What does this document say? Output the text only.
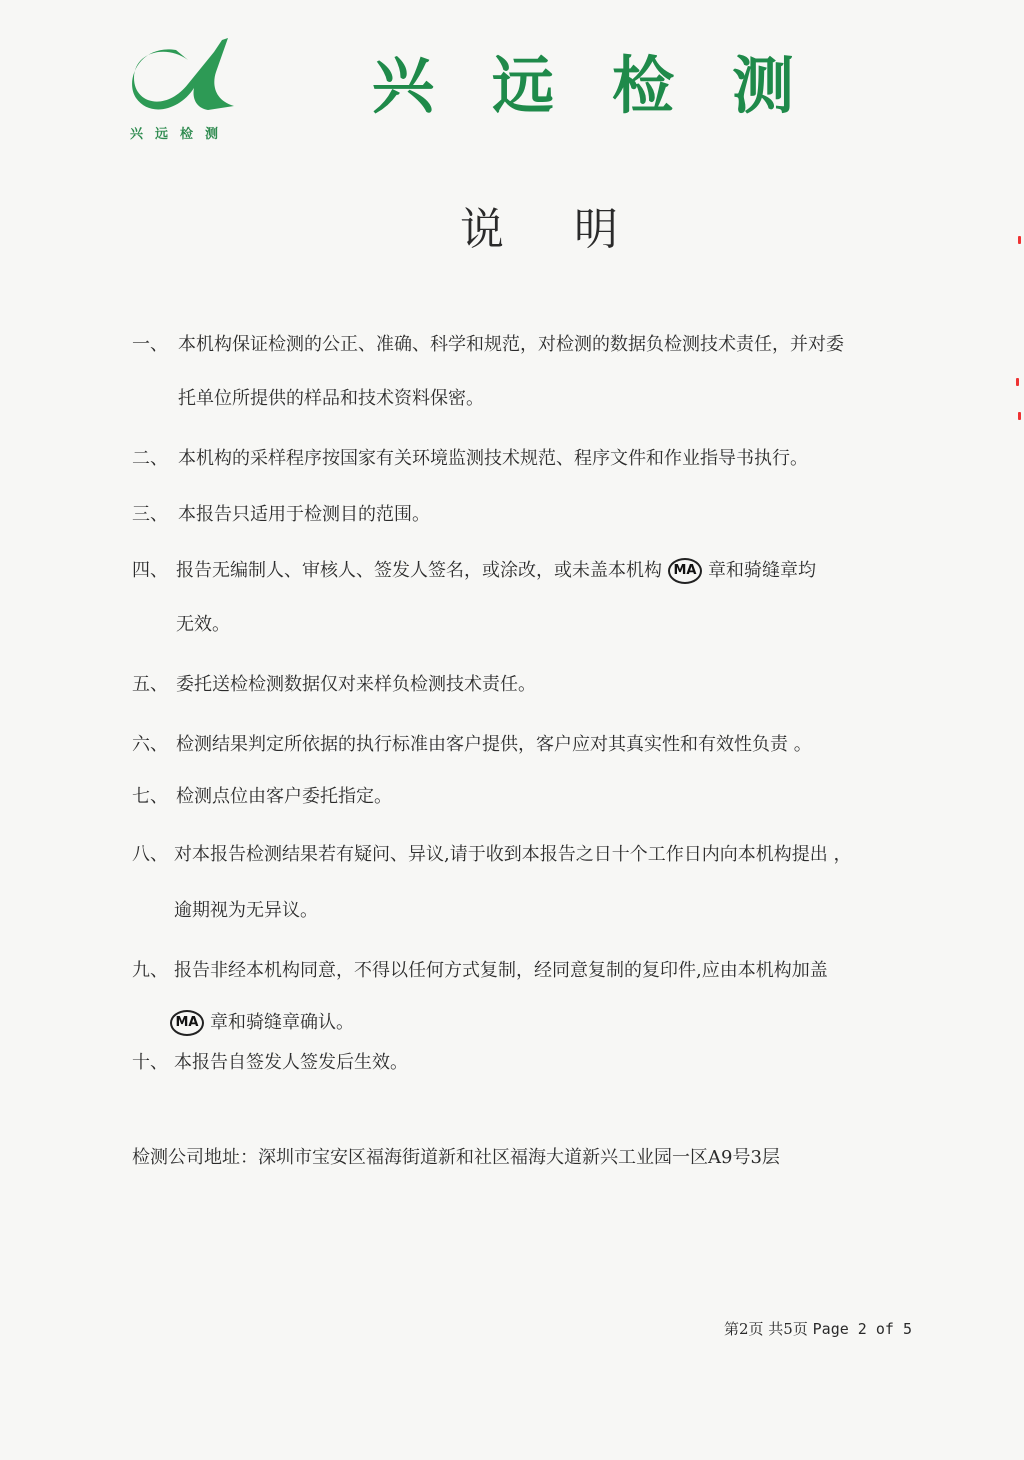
兴远检测
兴远检测
说明
一、 本机构保证检测的公正、准确、科学和规范，对检测的数据负检测技术责任，并对委
托单位所提供的样品和技术资料保密。
二、 本机构的采样程序按国家有关环境监测技术规范、程序文件和作业指导书执行。
三、 本报告只适用于检测目的范围。
四、 报告无编制人、审核人、签发人签名，或涂改，或未盖本机构 MA 章和骑缝章均
无效。
五、 委托送检检测数据仅对来样负检测技术责任。
六、 检测结果判定所依据的执行标准由客户提供，客户应对其真实性和有效性负责 。
七、 检测点位由客户委托指定。
八、 对本报告检测结果若有疑问、异议,请于收到本报告之日十个工作日内向本机构提出 ，
逾期视为无异议。
九、 报告非经本机构同意，不得以任何方式复制，经同意复制的复印件,应由本机构加盖
MA 章和骑缝章确认。
十、 本报告自签发人签发后生效。
检测公司地址：深圳市宝安区福海街道新和社区福海大道新兴工业园一区A9号3层
第2页 共5页 Page 2 of 5
